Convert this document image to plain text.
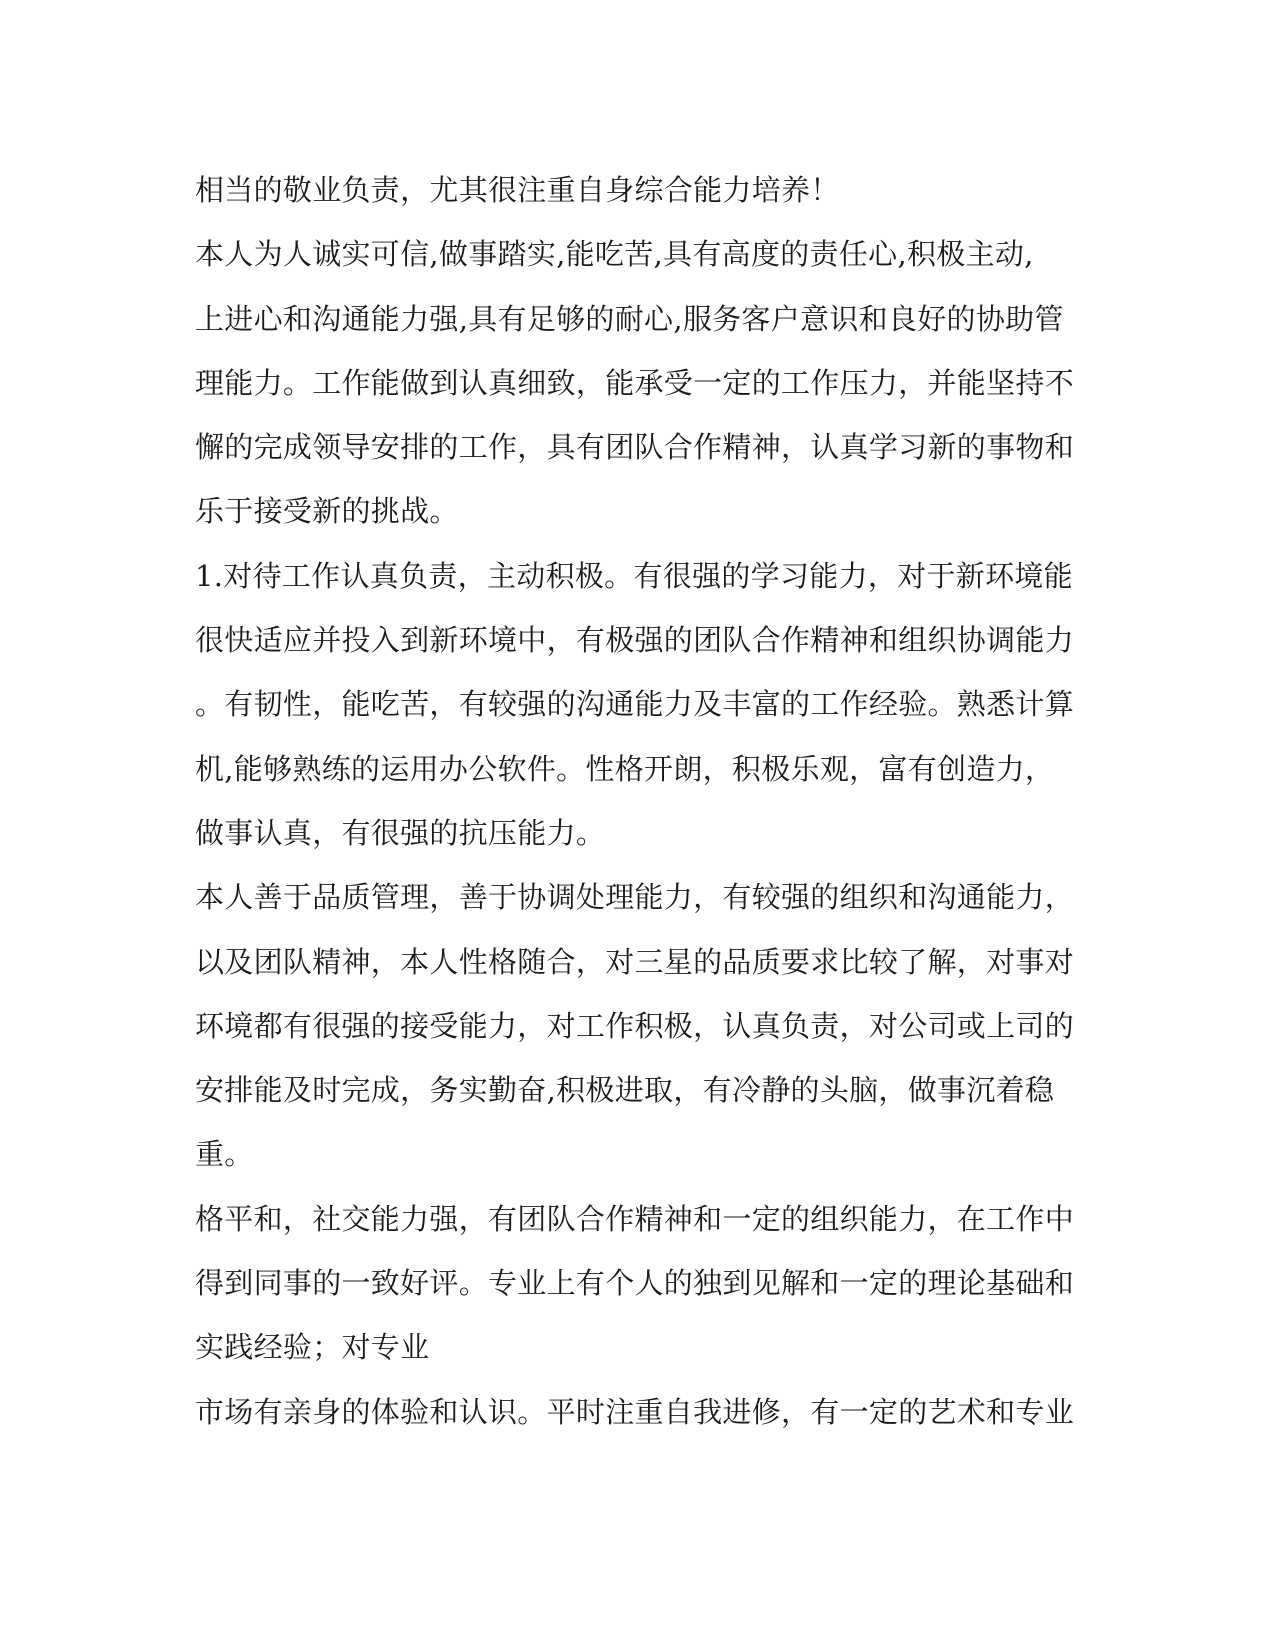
相当的敬业负责，尤其很注重自身综合能力培养！
本人为人诚实可信,做事踏实,能吃苦,具有高度的责任心,积极主动,
上进心和沟通能力强,具有足够的耐心,服务客户意识和良好的协助管
理能力。工作能做到认真细致，能承受一定的工作压力，并能坚持不
懈的完成领导安排的工作，具有团队合作精神，认真学习新的事物和
乐于接受新的挑战。
1.对待工作认真负责，主动积极。有很强的学习能力，对于新环境能
很快适应并投入到新环境中，有极强的团队合作精神和组织协调能力
。有韧性，能吃苦，有较强的沟通能力及丰富的工作经验。熟悉计算
机,能够熟练的运用办公软件。性格开朗，积极乐观，富有创造力，
做事认真，有很强的抗压能力。
本人善于品质管理，善于协调处理能力，有较强的组织和沟通能力，
以及团队精神，本人性格随合，对三星的品质要求比较了解，对事对
环境都有很强的接受能力，对工作积极，认真负责，对公司或上司的
安排能及时完成，务实勤奋,积极进取，有冷静的头脑，做事沉着稳
重。
格平和，社交能力强，有团队合作精神和一定的组织能力，在工作中
得到同事的一致好评。专业上有个人的独到见解和一定的理论基础和
实践经验；对专业
市场有亲身的体验和认识。平时注重自我进修，有一定的艺术和专业
